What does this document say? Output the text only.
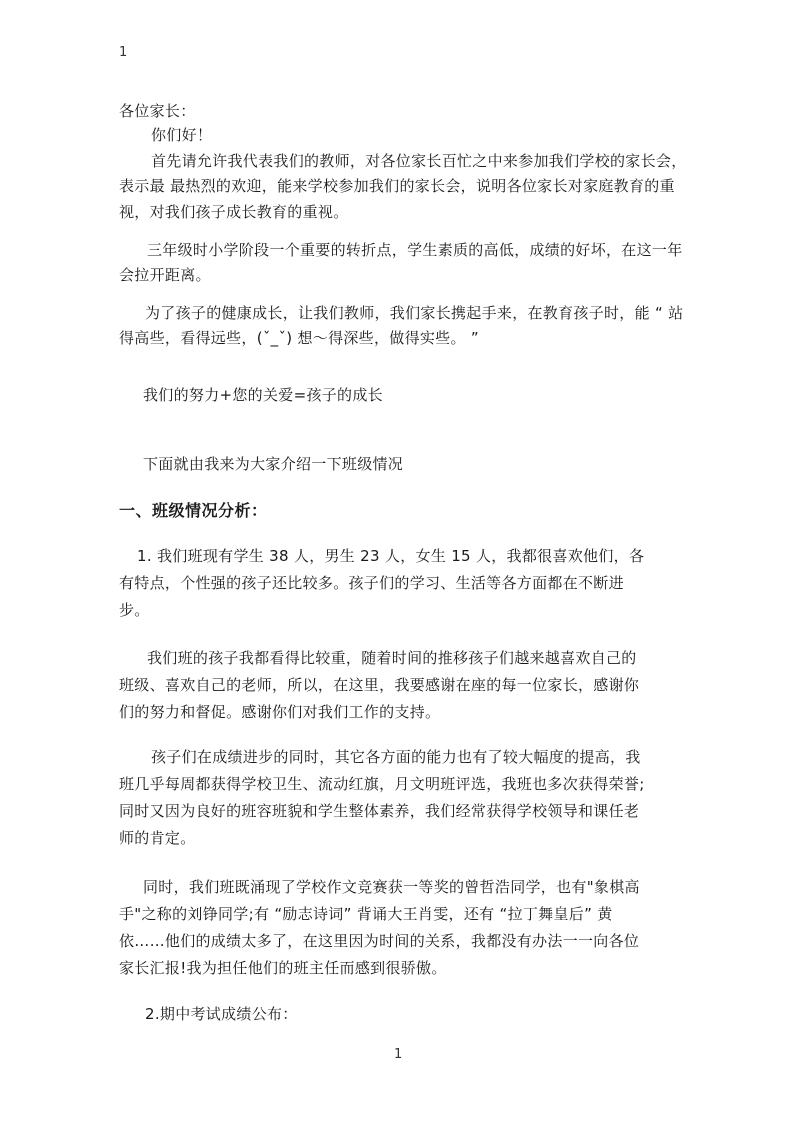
1
各位家长：
你们好！
首先请允许我代表我们的教师，对各位家长百忙之中来参加我们学校的家长会，
表示最 最热烈的欢迎，能来学校参加我们的家长会，说明各位家长对家庭教育的重
视，对我们孩子成长教育的重视。
三年级时小学阶段一个重要的转折点，学生素质的高低，成绩的好坏，在这一年
会拉开距离。
为了孩子的健康成长，让我们教师，我们家长携起手来，在教育孩子时，能 “ 站
得高些，看得远些，(ˇ_ˇ) 想～得深些，做得实些。 ”
我们的努力+您的关爱=孩子的成长
下面就由我来为大家介绍一下班级情况
一、班级情况分析：
1. 我们班现有学生 38 人，男生 23 人，女生 15 人，我都很喜欢他们，各
有特点，个性强的孩子还比较多。孩子们的学习、生活等各方面都在不断进
步。
我们班的孩子我都看得比较重，随着时间的推移孩子们越来越喜欢自己的
班级、喜欢自己的老师，所以，在这里，我要感谢在座的每一位家长，感谢你
们的努力和督促。感谢你们对我们工作的支持。
孩子们在成绩进步的同时，其它各方面的能力也有了较大幅度的提高，我
班几乎每周都获得学校卫生、流动红旗，月文明班评选，我班也多次获得荣誉;
同时又因为良好的班容班貌和学生整体素养，我们经常获得学校领导和课任老
师的肯定。
同时，我们班既涌现了学校作文竞赛获一等奖的曾哲浩同学，也有"象棋高
手"之称的刘铮同学;有 “励志诗词” 背诵大王肖雯，还有 “拉丁舞皇后” 黄
依……他们的成绩太多了，在这里因为时间的关系，我都没有办法一一向各位
家长汇报!我为担任他们的班主任而感到很骄傲。
2.期中考试成绩公布：
1
